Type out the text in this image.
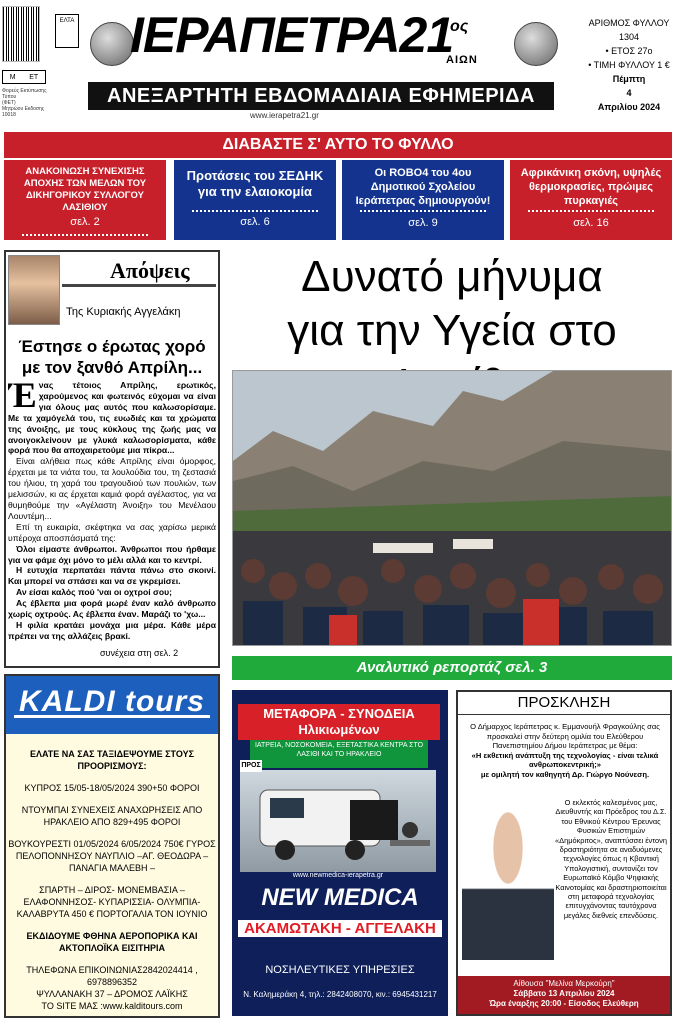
Μ ΕΤ
Φορεύς Εκτύπωσης Τύπου
(ΦΕΤ)
Μητρώου Εκδοσης
10018
ΕΛΤΑ ΙΕΡΑΠΕΤΡΑ21
ος
ΑΙΩΝ
ΑΝΕΞΑΡΤΗΤΗ ΕΒΔΟΜΑΔΙΑΙΑ ΕΦΗΜΕΡΙΔΑ
www.ierapetra21.gr
ΑΡΙΘΜΟΣ ΦΥΛΛΟΥ 1304
• ΕΤΟΣ 27ο
• ΤΙΜΗ ΦΥΛΛΟΥ 1 €
Πέμπτη
4
Απριλίου 2024
ΔΙΑΒΑΣΤΕ Σ' ΑΥΤΟ ΤΟ ΦΥΛΛΟ
ΑΝΑΚΟΙΝΩΣΗ ΣΥΝΕΧΙΣΗΣ ΑΠΟΧΗΣ ΤΩΝ ΜΕΛΩΝ ΤΟΥ ΔΙΚΗΓΟΡΙΚΟΥ ΣΥΛΛΟΓΟΥ ΛΑΣΙΘΙΟΥ
σελ. 2
Προτάσεις του ΣΕΔΗΚ για την ελαιοκομία
σελ. 6
Οι ROBO4 του 4ου Δημοτικού Σχολείου Ιεράπετρας δημιουργούν!
σελ. 9
Αφρικάνικη σκόνη, υψηλές θερμοκρασίες, πρώιμες πυρκαγιές
σελ. 16
Απόψεις
Της Κυριακής Αγγελάκη
Έστησε ο έρωτας χορό με τον ξανθό Απρίλη...
Έ νας τέτοιος Απρίλης, ερωτικός, χαρούμενος και φωτεινός εύχομαι να είναι για όλους μας αυτός που καλωσορίσαμε. Με τα χαμόγελά του, τις ευωδιές και τα χρώματα της άνοιξης, με τους κύκλους της ζωής μας να ανοιγοκλείνουν με γλυκά καλωσορίσματα, κάθε φορά που θα αποχαιρετούμε μια πίκρα...

Είναι αλήθεια πως κάθε Απρίλης είναι όμορφος, έρχεται με τα νιάτα του, τα λουλούδια του, τη ζεστασιά του ήλιου, τη χαρά του τραγουδιού των πουλιών, των μελισσών, κι ας έρχεται καμιά φορά αγέλαστος, για να θυμηθούμε την «Αγέλαστη Άνοιξη» του Μενέλαου Λουντέμη...

Επί τη ευκαιρία, σκέφτηκα να σας χαρίσω μερικά υπέροχα αποσπάσματά της:

Όλοι είμαστε άνθρωποι. Άνθρωποι που ήρθαμε για να φάμε όχι μόνο το μέλι αλλά και το κεντρί.

Η ευτυχία περπατάει πάντα πάνω στο σκοινί. Και μπορεί να σπάσει και να σε γκρεμίσει.

Αν είσαι καλός πού 'ναι οι οχτροί σου;

Ας έβλεπα μια φορά μωρέ έναν καλό άνθρωπο χωρίς οχτρούς. Ας έβλεπα έναν. Μαράζι το 'χω...

Η φιλία κρατάει μονάχα μια μέρα. Κάθε μέρα πρέπει να της αλλάζεις βρακί.

συνέχεια στη σελ. 2
Δυνατό μήνυμα
για την Υγεία στο
Αναλυτικό ρεπορτάζ σελ. 3
KALDI tours

ΕΛΑΤΕ ΝΑ ΣΑΣ ΤΑΞΙΔΕΨΟΥΜΕ ΣΤΟΥΣ ΠΡΟΟΡΙΣΜΟΥΣ:

ΚΥΠΡΟΣ 15/05-18/05/2024 390+50 ΦΟΡΟΙ

ΝΤΟΥΜΠΑΙ ΣΥΝΕΧΕΙΣ ΑΝΑΧΩΡΗΣΕΙΣ ΑΠΟ ΗΡΑΚΛΕΙΟ ΑΠΟ 829+495 ΦΟΡΟΙ

ΒΟΥΚΟΥΡΕΣΤΙ 01/05/2024 6/05/2024 750€ ΓΥΡΟΣ ΠΕΛΟΠΟΝΝΗΣΟΥ ΝΑΥΠΛΙΟ –ΑΓ. ΘΕΟΔΩΡΑ – ΠΑΝΑΓΙΑ ΜΑΛΕΒΗ –

ΣΠΑΡΤΗ – ΔΙΡΟΣ- ΜΟΝΕΜΒΑΣΙΑ – ΕΛΑΦΟΝΝΗΣΟΣ- ΚΥΠΑΡΙΣΣΙΑ- ΟΛΥΜΠΙΑ- ΚΑΛΑΒΡΥΤΑ 450 € ΠΟΡΤΟΓΑΛΙΑ ΤΟΝ ΙΟΥΝΙΟ

ΕΚΔΙΔΟΥΜΕ ΦΘΗΝΑ ΑΕΡΟΠΟΡΙΚΑ ΚΑΙ ΑΚΤΟΠΛΟΪΚΑ ΕΙΣΙΤΗΡΙΑ

ΤΗΛΕΦΩΝΑ ΕΠΙΚΟΙΝΩΝΙΑΣ2842024414 , 6978896352
ΨΥΛΛΑΝΑΚΗ 37 – ΔΡΟΜΟΣ ΛΑΪΚΗΣ
ΤΟ SITE ΜΑΣ :www.kalditours.com
ΜΕΤΑΦΟΡΑ - ΣΥΝΟΔΕΙΑ
Ηλικιωμένων
ΙΑΤΡΕΙΑ, ΝΟΣΟΚΟΜΕΙΑ, ΕΞΕΤΑΣΤΙΚΑ ΚΕΝΤΡΑ ΣΤΟ ΛΑΣΙΘΙ ΚΑΙ ΤΟ ΗΡΑΚΛΕΙΟ
ΠΡΟΣ
www.newmedica-ierapetra.gr
NEW MEDICA
ΑΚΑΜΩΤΑΚΗ - ΑΓΓΕΛΑΚΗ
ΝΟΣΗΛΕΥΤΙΚΕΣ ΥΠΗΡΕΣΙΕΣ
Ν. Καλημεράκη 4, τηλ.: 2842408070, κιν.: 6945431217
ΠΡΟΣΚΛΗΣΗ
Ο Δήμαρχος Ιεράπετρας κ. Εμμανουήλ Φραγκούλης σας προσκαλεί στην δεύτερη ομιλία του Ελεύθερου Πανεπιστημίου Δήμου Ιεράπετρας με θέμα:
«Η εκθετική ανάπτυξη της τεχνολογίας - είναι τελικά ανθρωποκεντρική;»
με ομιλητή τον καθηγητή Δρ. Γιώργο Νούνεση.
Ο εκλεκτός καλεσμένος μας, Διευθυντής και Πρόεδρος του Δ.Σ. του Εθνικού Κέντρου Έρευνας Φυσικών Επιστημών «Δημόκριτος», αναπτύσσει έντονη δραστηριότητα σε αναδυόμενες τεχνολογίες όπως η Κβαντική Υπολογιστική, συντονίζει τον Ευρωπαϊκό Κόμβο Ψηφιακής Καινοτομίας και δραστηριοποιείται στη μεταφορά τεχνολογίας επιτυγχάνοντας ταυτόχρονα μεγάλες διεθνείς επενδύσεις.
Αίθουσα "Μελίνα Μερκούρη"
Σάββατο 13 Απριλίου 2024
Ώρα έναρξης 20:00 - Είσοδος Ελεύθερη
